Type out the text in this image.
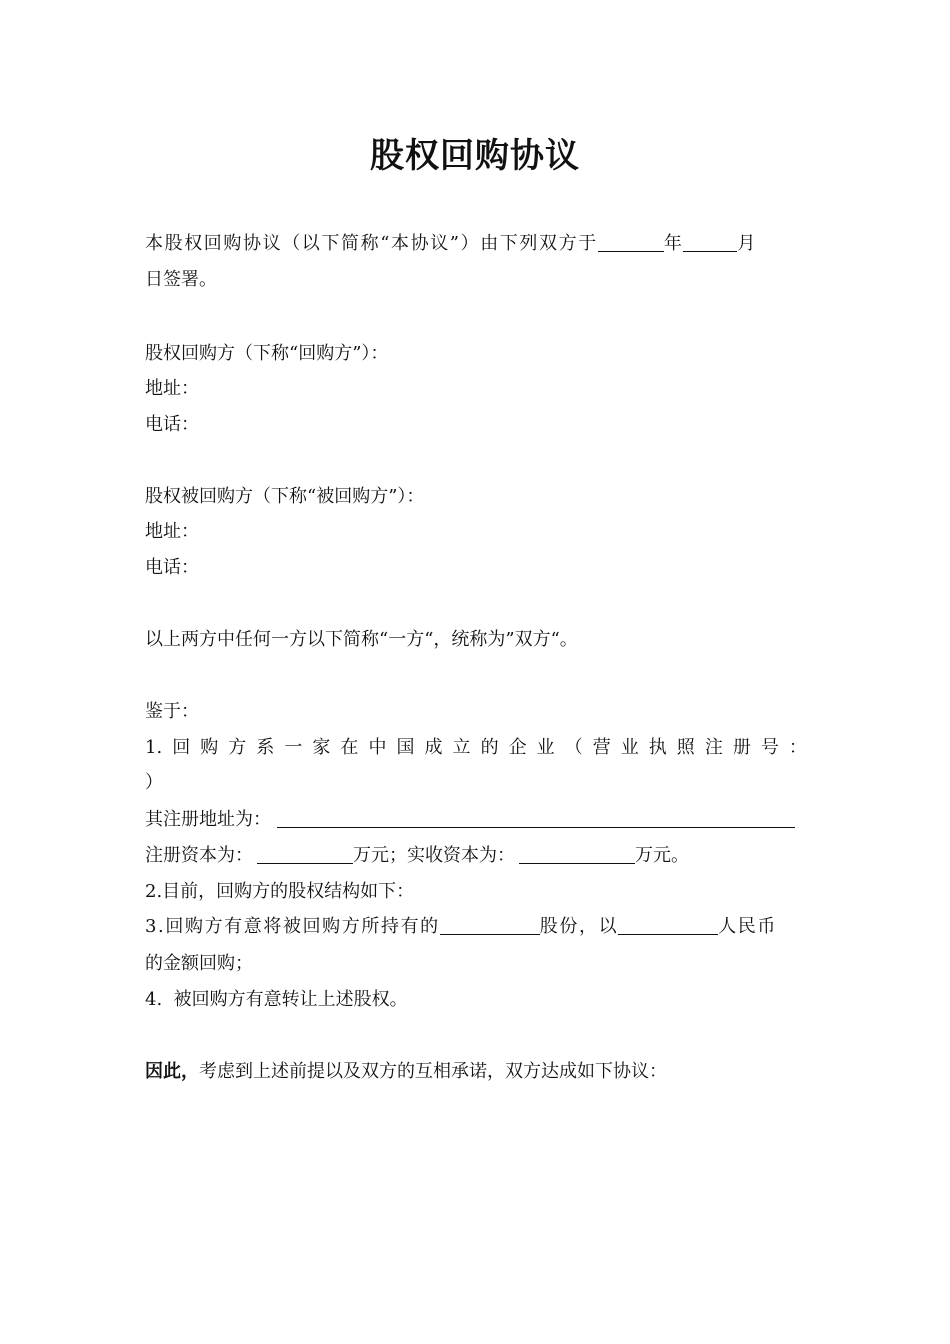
股权回购协议
本股权回购协议（以下简称“本协议”）由下列双方于	年	月
日签署。
股权回购方（下称“回购方”）：
地址：
电话：
股权被回购方（下称“被回购方”）：
地址：
电话：
以上两方中任何一方以下简称“一方“，统称为”双方“。
鉴于：
1. 回 购 方 系 一 家 在 中 国 成 立 的 企 业 （ 营 业 执 照 注 册 号 ：
）
其注册地址为：
注册资本为：	万元；实收资本为：	万元。
2.目前，回购方的股权结构如下：
3.回购方有意将被回购方所持有的	股份，以	人民币
的金额回购；
4.  被回购方有意转让上述股权。
因此，考虑到上述前提以及双方的互相承诺，双方达成如下协议：
